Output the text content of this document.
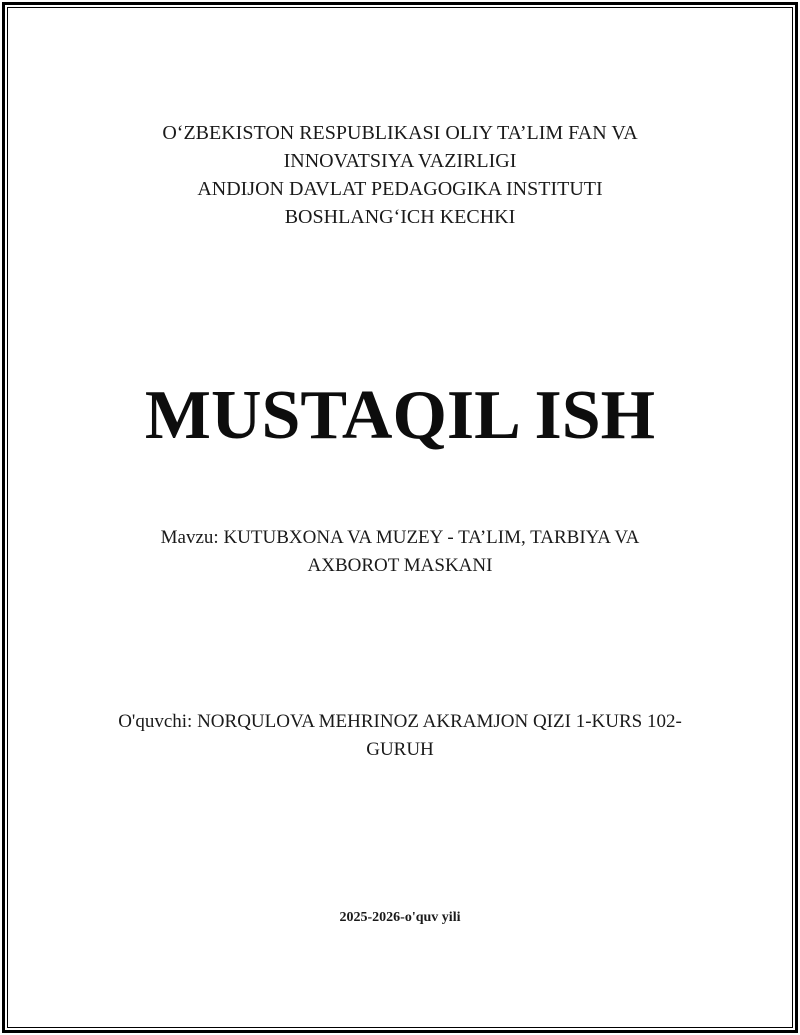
O‘ZBEKISTON RESPUBLIKASI OLIY TA’LIM FAN VA
INNOVATSIYA VAZIRLIGI
ANDIJON DAVLAT PEDAGOGIKA INSTITUTI
BOSHLANG‘ICH KECHKI
MUSTAQIL ISH
Mavzu: KUTUBXONA VA MUZEY - TA’LIM, TARBIYA VA
AXBOROT MASKANI
O'quvchi: NORQULOVA MEHRINOZ AKRAMJON QIZI 1-KURS 102-
GURUH
2025-2026-o'quv yili
